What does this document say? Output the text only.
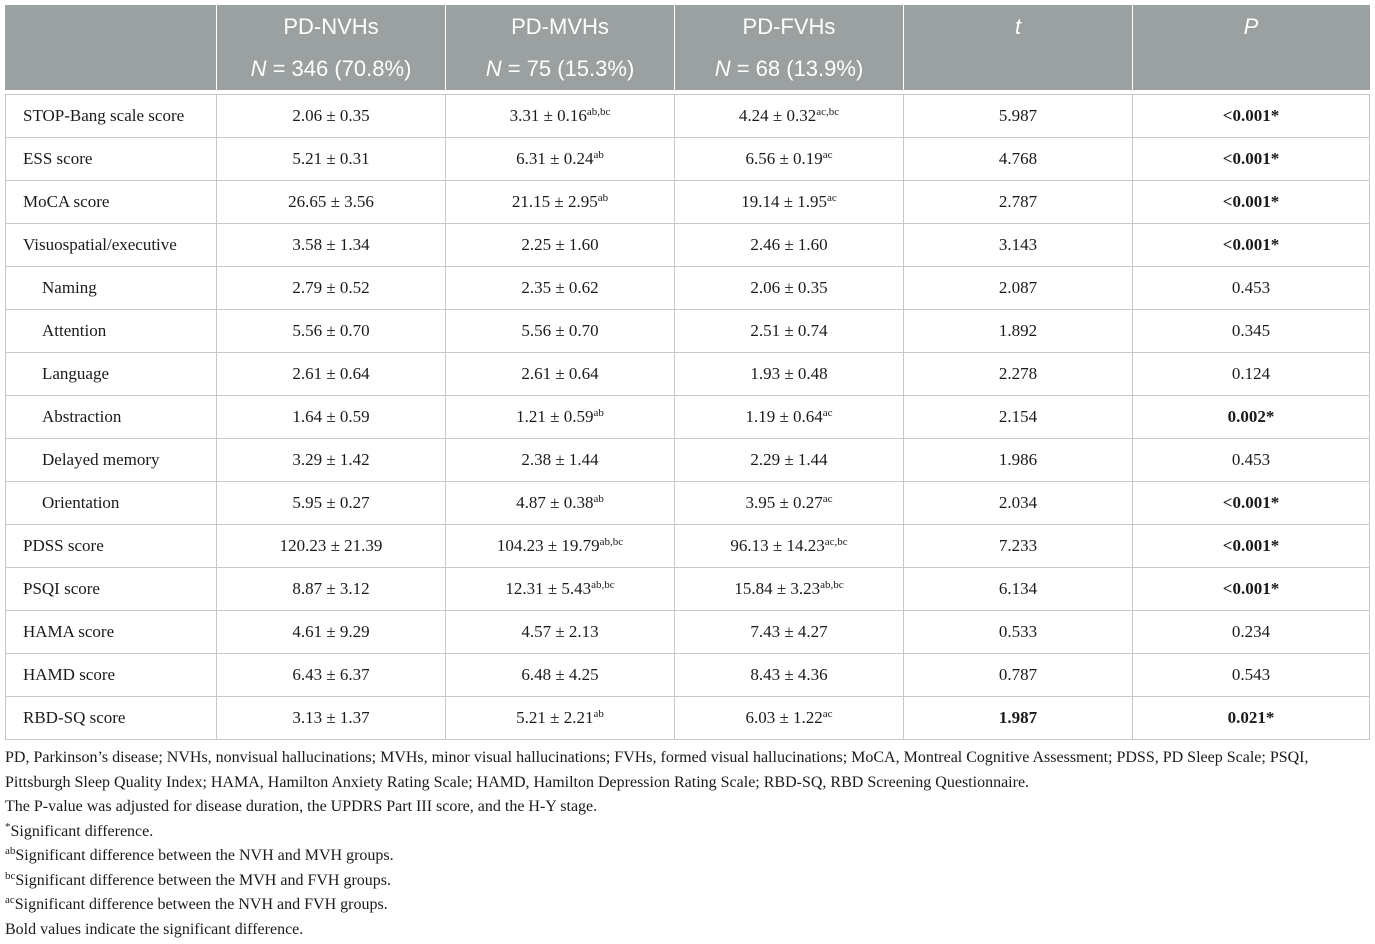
	PD-NVHs	PD-MVHs	PD-FVHs	t	P
	N = 346 (70.8%)	N = 75 (15.3%)	N = 68 (13.9%)		

STOP-Bang scale score	2.06 ± 0.35	$3.31 \pm 0.16^{ab,bc}$	$4.24 \pm 0.32^{ac,bc}$	5.987	<0.001*
ESS score	5.21 ± 0.31	6.31 ± 0.24$^{ab}$	6.56 ± 0.19$^{ac}$	4.768	<0.001*
MoCA score	26.65 ± 3.56	21.15 ± 2.95$^{ab}$	19.14 ± 1.95$^{ac}$	2.787	<0.001*
Visuospatial/executive	3.58 ± 1.34	2.25 ± 1.60	2.46 ± 1.60	3.143	<0.001*
Naming	2.79 ± 0.52	2.35 ± 0.62	2.06 ± 0.35	2.087	0.453
Attention	5.56 ± 0.70	5.56 ± 0.70	2.51 ± 0.74	1.892	0.345
Language	2.61 ± 0.64	2.61 ± 0.64	1.93 ± 0.48	2.278	0.124
Abstraction	1.64 ± 0.59	1.21 ± 0.59$^{ab}$	1.19 ± 0.64$^{ac}$	2.154	0.002*
Delayed memory	3.29 ± 1.42	2.38 ± 1.44	2.29 ± 1.44	1.986	0.453
Orientation	5.95 ± 0.27	4.87 ± 0.38$^{ab}$	3.95 ± 0.27$^{ac}$	2.034	<0.001*
PDSS score	120.23 ± 21.39	$104.23 \pm 19.79^{ab,bc}$	$96.13 \pm 14.23^{ac,bc}$	7.233	<0.001*
PSQI score	8.87 ± 3.12	$12.31 \pm 5.43^{ab,bc}$	$15.84 \pm 3.23^{ab,bc}$	6.134	<0.001*
HAMA score	4.61 ± 9.29	4.57 ± 2.13	7.43 ± 4.27	0.533	0.234
HAMD score	6.43 ± 6.37	6.48 ± 4.25	8.43 ± 4.36	0.787	0.543
RBD-SQ score	3.13 ± 1.37	5.21 ± 2.21$^{ab}$	6.03 ± 1.22$^{ac}$	1.987	0.021*

PD, Parkinson’s disease; NVHs, nonvisual hallucinations; MVHs, minor visual hallucinations; FVHs, formed visual hallucinations; MoCA, Montreal Cognitive Assessment; PDSS, PD Sleep Scale; PSQI, Pittsburgh Sleep Quality Index; HAMA, Hamilton Anxiety Rating Scale; HAMD, Hamilton Depression Rating Scale; RBD-SQ, RBD Screening Questionnaire.

The P-value was adjusted for disease duration, the UPDRS Part III score, and the H-Y stage.

*Significant difference.

$^{ab}$Significant difference between the NVH and MVH groups.

$^{bc}$Significant difference between the MVH and FVH groups.

$^{ac}$Significant difference between the NVH and FVH groups.

Bold values indicate the significant difference.
